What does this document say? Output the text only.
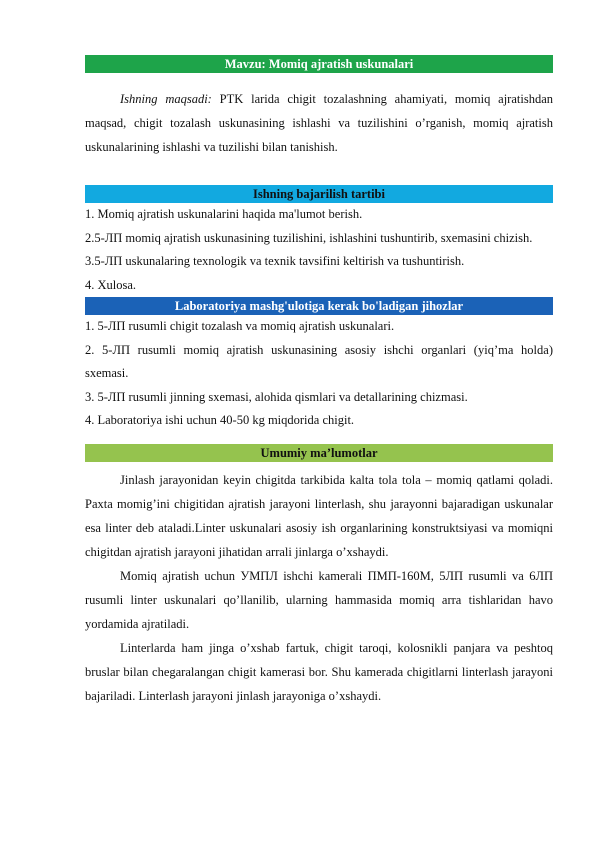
Mavzu: Momiq ajratish uskunalari

Ishning maqsadi: PTK larida chigit tozalashning ahamiyati, momiq ajratishdan maqsad, chigit tozalash uskunasining ishlashi va tuzilishini o’rganish, momiq ajratish uskunalarining ishlashi va tuzilishi bilan tanishish.

Ishning bajarilish tartibi

1. Momiq ajratish uskunalarini haqida ma'lumot berish.

2.5-ЛП momiq ajratish uskunasining tuzilishini, ishlashini tushuntirib, sxemasini chizish.

3.5-ЛП uskunalaring texnologik va texnik tavsifini keltirish va tushuntirish.

4. Xulosa.

Laboratoriya mashg'ulotiga kerak bo'ladigan jihozlar

1. 5-ЛП rusumli chigit tozalash va momiq ajratish uskunalari.

2. 5-ЛП rusumli momiq ajratish uskunasining asosiy ishchi organlari (yiq’ma holda) sxemasi.

3. 5-ЛП rusumli jinning sxemasi, alohida qismlari va detallarining chizmasi.

4. Laboratoriya ishi uchun 40-50 kg miqdorida chigit.

Umumiy ma’lumotlar

Jinlash jarayonidan keyin chigitda tarkibida kalta tola tola – momiq qatlami qoladi. Paxta momig’ini chigitidan ajratish jarayoni linterlash, shu jarayonni bajaradigan uskunalar esa linter deb ataladi.Linter uskunalari asosiy ish organlarining konstruktsiyasi va momiqni chigitdan ajratish jarayoni jihatidan arrali jinlarga o’xshaydi.

Momiq ajratish uchun УМПЛ ishchi kamerali ПМП-160М, 5ЛП rusumli va 6ЛП rusumli linter uskunalari qo’llanilib, ularning hammasida momiq arra tishlaridan havo yordamida ajratiladi.

Linterlarda ham jinga o’xshab fartuk, chigit taroqi, kolosnikli panjara va peshtoq bruslar bilan chegaralangan chigit kamerasi bor. Shu kamerada chigitlarni linterlash jarayoni bajariladi. Linterlash jarayoni jinlash jarayoniga o’xshaydi.
